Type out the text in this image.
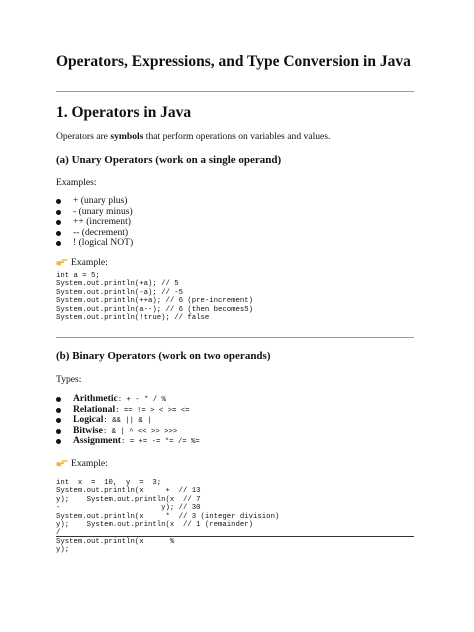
Operators, Expressions, and Type Conversion in Java
1. Operators in Java
Operators are symbols that perform operations on variables and values.
(a) Unary Operators (work on a single operand)
Examples:
+ (unary plus)
- (unary minus)
++ (increment)
-- (decrement)
! (logical NOT)
Example:
int a = 5;
System.out.println(+a); // 5
System.out.println(-a); // -5
System.out.println(++a); // 6 (pre-increment)
System.out.println(a--); // 6 (then becomes5)
System.out.println(!true); // false
(b) Binary Operators (work on two operands)
Types:
Arithmetic: + - * / %
Relational: == != > < >= <=
Logical: && || & |
Bitwise: & | ^ << >> >>>
Assignment: = += -= *= /= %=
Example:
int  x  =  10,  y  =  3;
System.out.println(x     +  // 13
y);    System.out.println(x  // 7
-                       y); // 30
System.out.println(x     *  // 3 (integer division)
y);    System.out.println(x  // 1 (remainder)
/
System.out.println(x      %
y);
